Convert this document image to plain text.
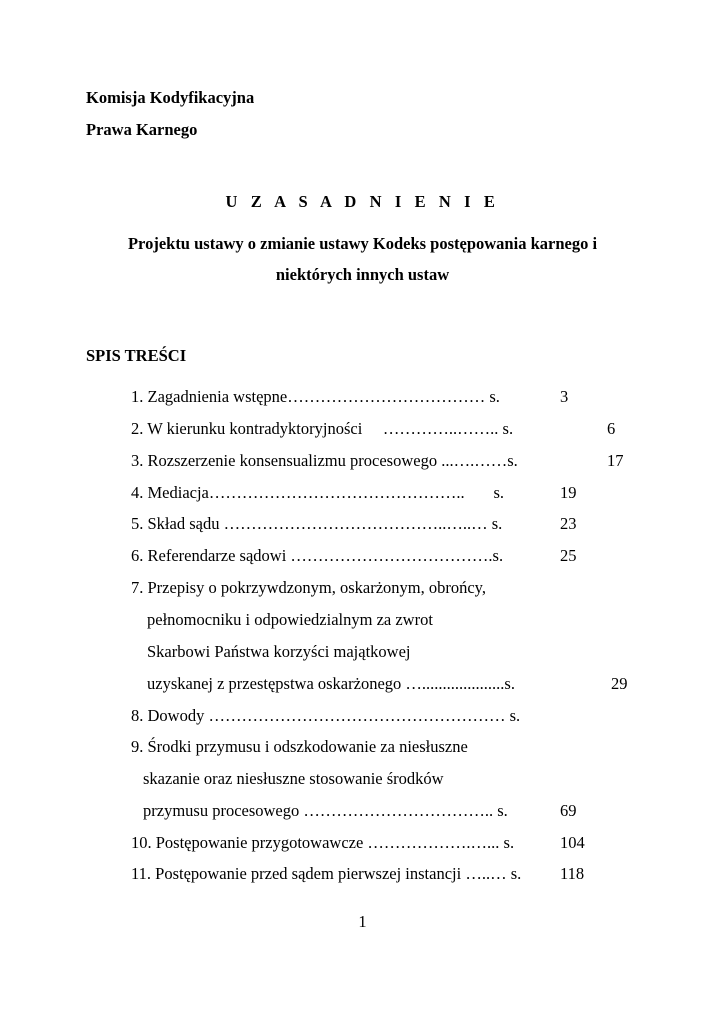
Komisja Kodyfikacyjna
Prawa Karnego
U Z A S A D N I E N I E
Projektu ustawy o zmianie ustawy Kodeks postępowania karnego i
niektórych innych ustaw
SPIS TREŚCI
1. Zagadnienia wstępne……………………………… s.	3
2. W kierunku kontradyktoryjności     …………..…….. s.	6
3. Rozszerzenie konsensualizmu procesowego ...….……s.	17
4. Mediacja………………………………………..       s.	19
5. Skład sądu …………………………………..…..… s.	23
6. Referendarze sądowi ……………………………….s.	25
7. Przepisy o pokrzywdzonym, oskarżonym, obrońcy,
pełnomocniku i odpowiedzialnym za zwrot
Skarbowi Państwa korzyści majątkowej
uzyskanej z przestępstwa oskarżonego …....................s.	29
8. Dowody ……………………………………………… s.
9. Środki przymusu i odszkodowanie za niesłuszne
skazanie oraz niesłuszne stosowanie środków
przymusu procesowego …………………………….. s.	69
10. Postępowanie przygotowawcze ……………….…... s.	104
11. Postępowanie przed sądem pierwszej instancji …..… s. 118
1
